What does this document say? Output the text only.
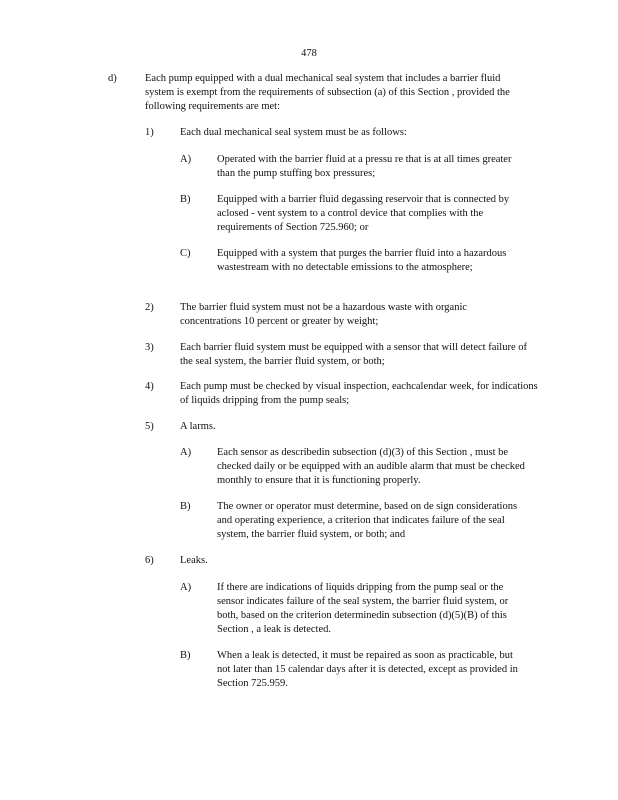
478
d)	Each pump equipped with a dual mechanical seal system that includes a barrier fluid system is exempt from the requirements of subsection (a) of this Section , provided the following requirements are met:
1)	Each dual mechanical seal system must be as follows:
A) Operated with the barrier fluid at a pressu re that is at all times greater than the pump stuffing box pressures;
B)	Equipped with a barrier fluid degassing reservoir that is connected by aclosed - vent system to a control device that complies with the requirements of Section 725.960; or
C)	Equipped with a system that purges the barrier fluid into a hazardous wastestream with no detectable emissions to the atmosphere;
2)	The barrier fluid system must not be a hazardous waste with organic concentrations 10 percent or greater by weight;
3)	Each barrier fluid system must be equipped with a sensor that will detect failure of the seal system, the barrier fluid system, or both;
4)	Each pump must be checked by visual inspection, eachcalendar week, for indications of liquids dripping from the pump seals;
5)	A larms.
A) Each sensor as describedin subsection (d)(3) of this Section , must be checked daily or be equipped with an audible alarm that must be checked monthly to ensure that it is functioning properly.
B)	The owner or operator must determine, based on de sign considerations and operating experience, a criterion that indicates failure of the seal system, the barrier fluid system, or both; and
6)	Leaks.
A) If there are indications of liquids dripping from the pump seal or the sensor indicates failure of the seal system, the barrier fluid system, or both, based on the criterion determinedin subsection (d)(5)(B) of this Section , a leak is detected.
B)	When a leak is detected, it must be repaired as soon as practicable, but not later than 15 calendar days after it is detected, except as provided in Section 725.959.
